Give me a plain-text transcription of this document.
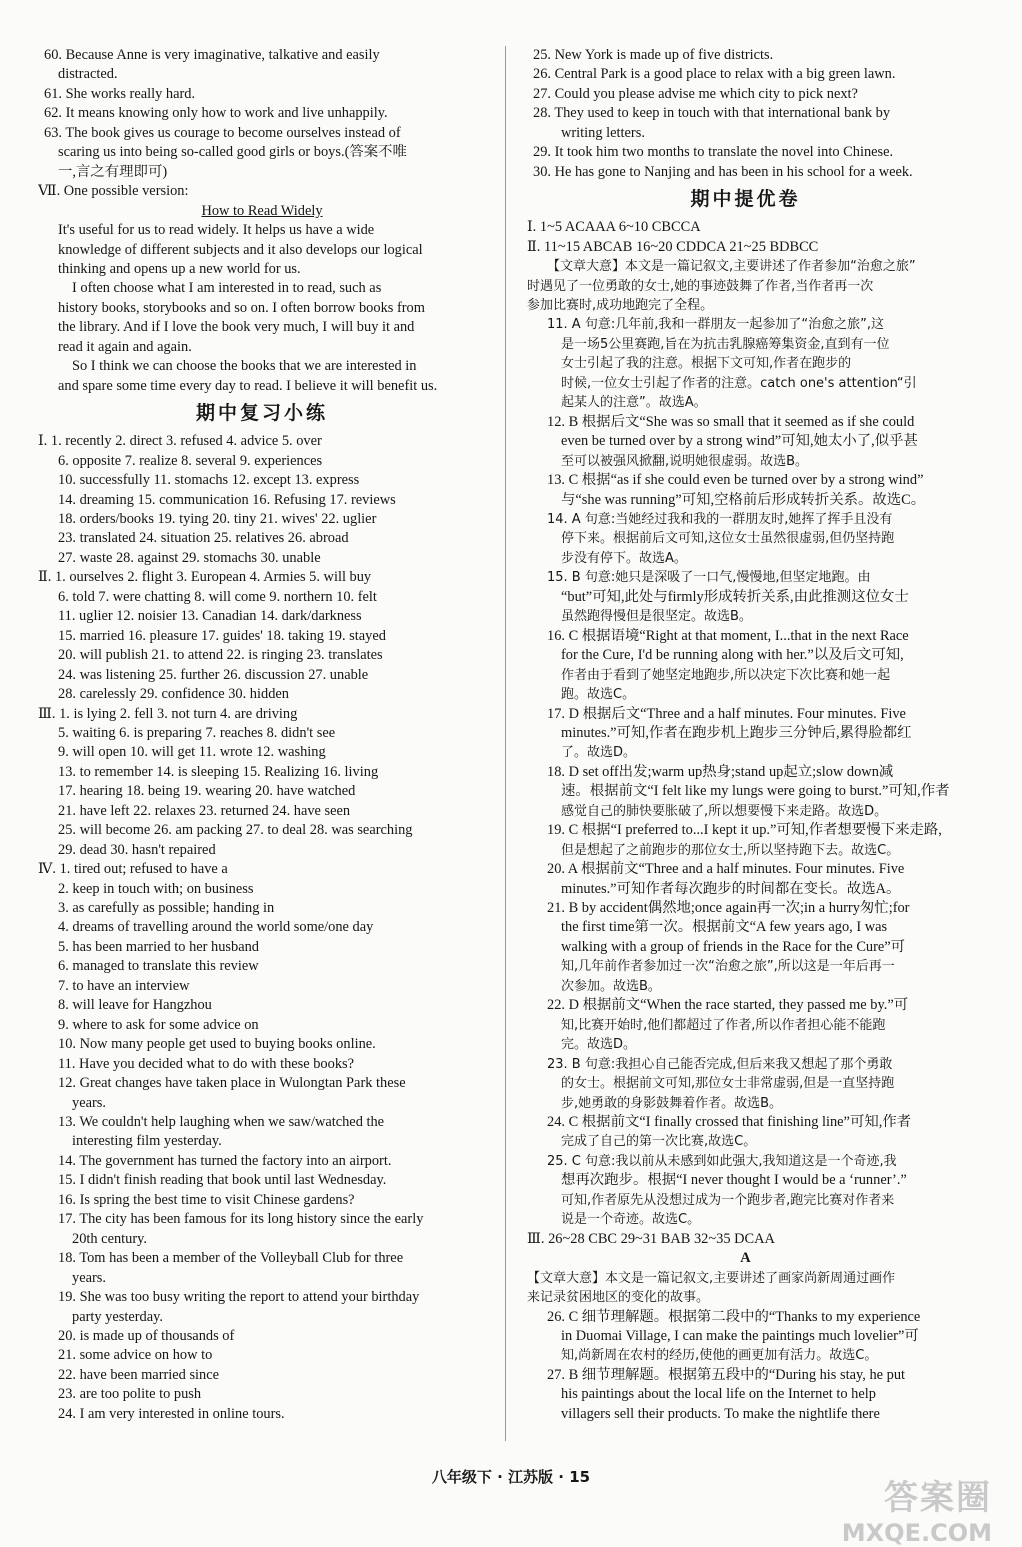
60. Because Anne is very imaginative, talkative and easily
distracted.
61. She works really hard.
62. It means knowing only how to work and live unhappily.
63. The book gives us courage to become ourselves instead of
scaring us into being so-called good girls or boys.(答案不唯
一,言之有理即可)
Ⅶ. One possible version:
How to Read Widely
It's useful for us to read widely. It helps us have a wide
knowledge of different subjects and it also develops our logical
thinking and opens up a new world for us.
I often choose what I am interested in to read, such as
history books, storybooks and so on. I often borrow books from
the library. And if I love the book very much, I will buy it and
read it again and again.
So I think we can choose the books that we are interested in
and spare some time every day to read. I believe it will benefit us.
期中复习小练
Ⅰ. 1. recently 2. direct 3. refused 4. advice 5. over
6. opposite 7. realize 8. several 9. experiences
10. successfully 11. stomachs 12. except 13. express
14. dreaming 15. communication 16. Refusing 17. reviews
18. orders/books 19. tying 20. tiny 21. wives' 22. uglier
23. translated 24. situation 25. relatives 26. abroad
27. waste 28. against 29. stomachs 30. unable
Ⅱ. 1. ourselves 2. flight 3. European 4. Armies 5. will buy
6. told 7. were chatting 8. will come 9. northern 10. felt
11. uglier 12. noisier 13. Canadian 14. dark/darkness
15. married 16. pleasure 17. guides' 18. taking 19. stayed
20. will publish 21. to attend 22. is ringing 23. translates
24. was listening 25. further 26. discussion 27. unable
28. carelessly 29. confidence 30. hidden
Ⅲ. 1. is lying 2. fell 3. not turn 4. are driving
5. waiting 6. is preparing 7. reaches 8. didn't see
9. will open 10. will get 11. wrote 12. washing
13. to remember 14. is sleeping 15. Realizing 16. living
17. hearing 18. being 19. wearing 20. have watched
21. have left 22. relaxes 23. returned 24. have seen
25. will become 26. am packing 27. to deal 28. was searching
29. dead 30. hasn't repaired
Ⅳ. 1. tired out; refused to have a
2. keep in touch with; on business
3. as carefully as possible; handing in
4. dreams of travelling around the world some/one day
5. has been married to her husband
6. managed to translate this review
7. to have an interview
8. will leave for Hangzhou
9. where to ask for some advice on
10. Now many people get used to buying books online.
11. Have you decided what to do with these books?
12. Great changes have taken place in Wulongtan Park these
years.
13. We couldn't help laughing when we saw/watched the
interesting film yesterday.
14. The government has turned the factory into an airport.
15. I didn't finish reading that book until last Wednesday.
16. Is spring the best time to visit Chinese gardens?
17. The city has been famous for its long history since the early
20th century.
18. Tom has been a member of the Volleyball Club for three
years.
19. She was too busy writing the report to attend your birthday
party yesterday.
20. is made up of thousands of
21. some advice on how to
22. have been married since
23. are too polite to push
24. I am very interested in online tours.
25. New York is made up of five districts.
26. Central Park is a good place to relax with a big green lawn.
27. Could you please advise me which city to pick next?
28. They used to keep in touch with that international bank by
writing letters.
29. It took him two months to translate the novel into Chinese.
30. He has gone to Nanjing and has been in his school for a week.
期中提优卷
Ⅰ. 1~5 ACAAA 6~10 CBCCA
Ⅱ. 11~15 ABCAB 16~20 CDDCA 21~25 BDBCC
【文章大意】本文是一篇记叙文,主要讲述了作者参加“治愈之旅”
时遇见了一位勇敢的女士,她的事迹鼓舞了作者,当作者再一次
参加比赛时,成功地跑完了全程。
11. A 句意:几年前,我和一群朋友一起参加了“治愈之旅”,这
是一场5公里赛跑,旨在为抗击乳腺癌筹集资金,直到有一位
女士引起了我的注意。根据下文可知,作者在跑步的
时候,一位女士引起了作者的注意。catch one's attention“引
起某人的注意”。故选A。
12. B 根据后文“She was so small that it seemed as if she could
even be turned over by a strong wind”可知,她太小了,似乎甚
至可以被强风掀翻,说明她很虚弱。故选B。
13. C 根据“as if she could even be turned over by a strong wind”
与“she was running”可知,空格前后形成转折关系。故选C。
14. A 句意:当她经过我和我的一群朋友时,她挥了挥手且没有
停下来。根据前后文可知,这位女士虽然很虚弱,但仍坚持跑
步没有停下。故选A。
15. B 句意:她只是深吸了一口气,慢慢地,但坚定地跑。由
“but”可知,此处与firmly形成转折关系,由此推测这位女士
虽然跑得慢但是很坚定。故选B。
16. C 根据语境“Right at that moment, I...that in the next Race
for the Cure, I'd be running along with her.”以及后文可知,
作者由于看到了她坚定地跑步,所以决定下次比赛和她一起
跑。故选C。
17. D 根据后文“Three and a half minutes. Four minutes. Five
minutes.”可知,作者在跑步机上跑步三分钟后,累得脸都红
了。故选D。
18. D set off出发;warm up热身;stand up起立;slow down减
速。根据前文“I felt like my lungs were going to burst.”可知,作者
感觉自己的肺快要胀破了,所以想要慢下来走路。故选D。
19. C 根据“I preferred to...I kept it up.”可知,作者想要慢下来走路,
但是想起了之前跑步的那位女士,所以坚持跑下去。故选C。
20. A 根据前文“Three and a half minutes. Four minutes. Five
minutes.”可知作者每次跑步的时间都在变长。故选A。
21. B by accident偶然地;once again再一次;in a hurry匆忙;for
the first time第一次。根据前文“A few years ago, I was
walking with a group of friends in the Race for the Cure”可
知,几年前作者参加过一次“治愈之旅”,所以这是一年后再一
次参加。故选B。
22. D 根据前文“When the race started, they passed me by.”可
知,比赛开始时,他们都超过了作者,所以作者担心能不能跑
完。故选D。
23. B 句意:我担心自己能否完成,但后来我又想起了那个勇敢
的女士。根据前文可知,那位女士非常虚弱,但是一直坚持跑
步,她勇敢的身影鼓舞着作者。故选B。
24. C 根据前文“I finally crossed that finishing line”可知,作者
完成了自己的第一次比赛,故选C。
25. C 句意:我以前从未感到如此强大,我知道这是一个奇迹,我
想再次跑步。根据“I never thought I would be a ‘runner’.”
可知,作者原先从没想过成为一个跑步者,跑完比赛对作者来
说是一个奇迹。故选C。
Ⅲ. 26~28 CBC 29~31 BAB 32~35 DCAA
A
【文章大意】本文是一篇记叙文,主要讲述了画家尚新周通过画作
来记录贫困地区的变化的故事。
26. C 细节理解题。根据第二段中的“Thanks to my experience
in Duomai Village, I can make the paintings much lovelier”可
知,尚新周在农村的经历,使他的画更加有活力。故选C。
27. B 细节理解题。根据第五段中的“During his stay, he put
his paintings about the local life on the Internet to help
villagers sell their products. To make the nightlife there
八年级下 · 江苏版 · 15
答案圈
MXQE.COM
